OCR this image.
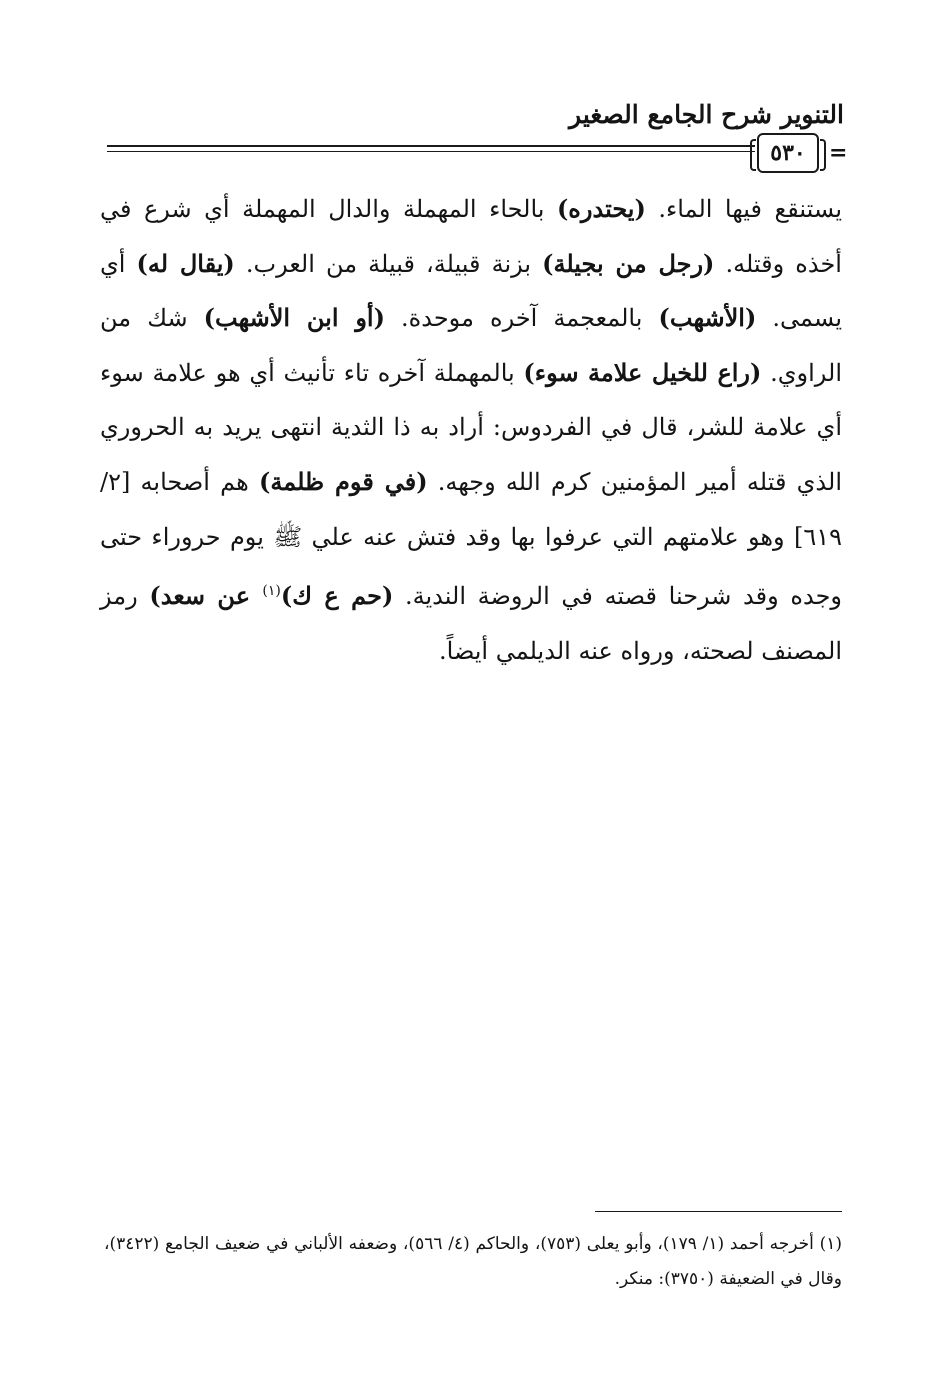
التنوير شرح الجامع الصغير
٥٣٠ =
يستنقع فيها الماء. (يحتدره) بالحاء المهملة والدال المهملة أي شرع في أخذه وقتله. (رجل من بجيلة) بزنة قبيلة، قبيلة من العرب. (يقال له) أي يسمى. (الأشهب) بالمعجمة آخره موحدة. (أو ابن الأشهب) شك من الراوي. (راع للخيل علامة سوء) بالمهملة آخره تاء تأنيث أي هو علامة سوء أي علامة للشر، قال في الفردوس: أراد به ذا الثدية انتهى يريد به الحروري الذي قتله أمير المؤمنين كرم الله وجهه. (في قوم ظلمة) هم أصحابه [٢/ ٦١٩] وهو علامتهم التي عرفوا بها وقد فتش عنه علي ﷺ يوم حروراء حتى وجده وقد شرحنا قصته في الروضة الندية. (حم ع ك)$^{(١)}$ عن سعد) رمز المصنف لصحته، ورواه عنه الديلمي أيضاً.
(١) أخرجه أحمد (١/ ١٧٩)، وأبو يعلى (٧٥٣)، والحاكم (٤/ ٥٦٦)، وضعفه الألباني في ضعيف الجامع (٣٤٢٢)، وقال في الضعيفة (٣٧٥٠): منكر.
